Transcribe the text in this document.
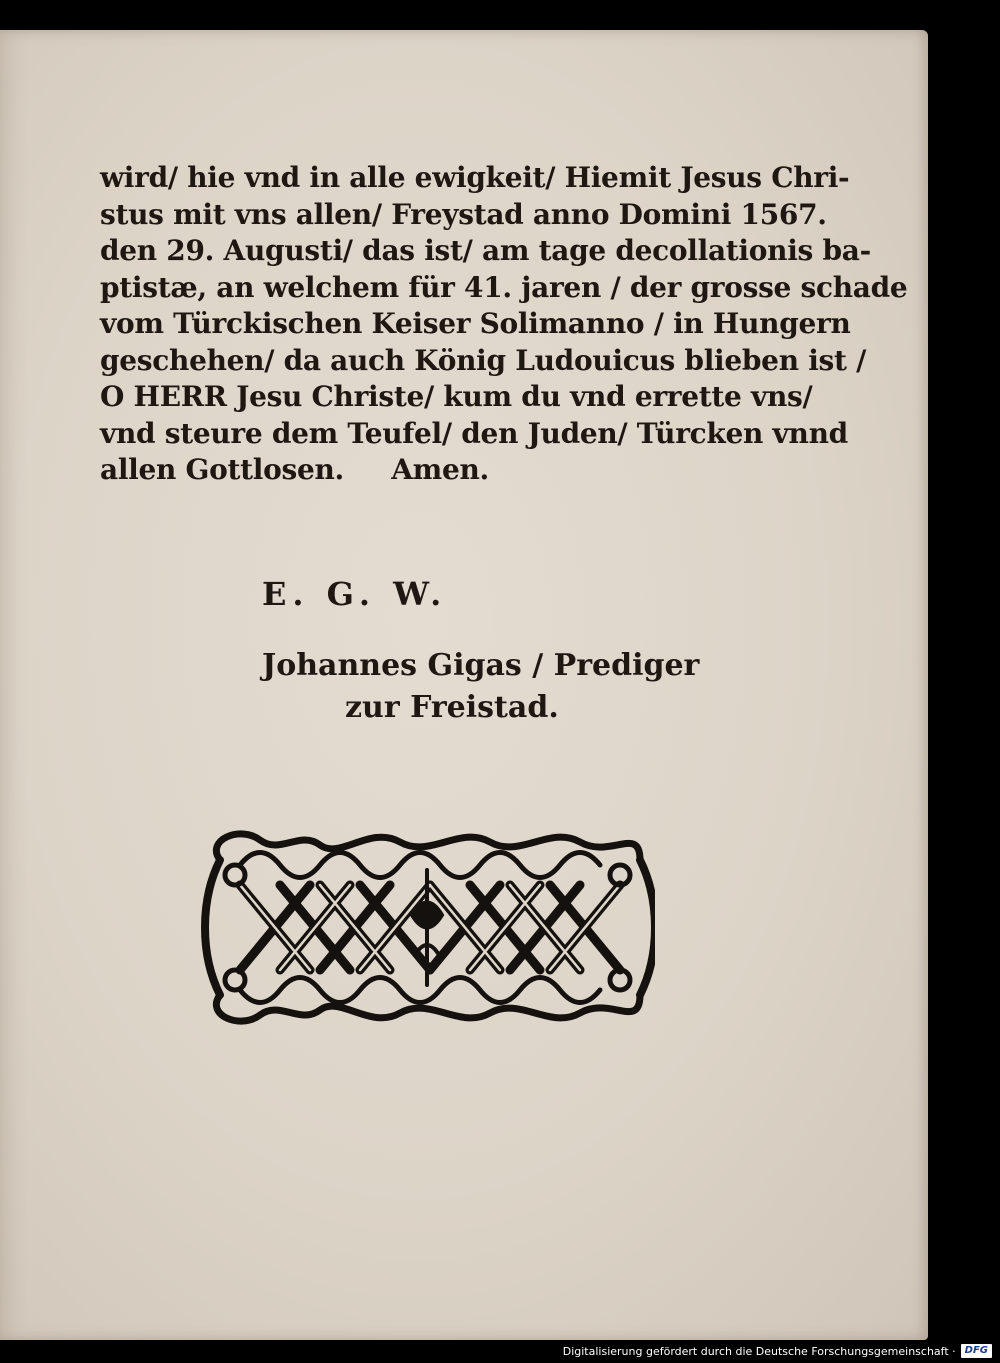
wird/ hie vnd in alle ewigkeit/ Hiemit Jesus Chri-
stus mit vns allen/ Freystad anno Domini 1567.
den 29. Augusti/ das ist/ am tage decollationis ba-
ptistæ, an welchem für 41. jaren / der grosse schade
vom Türckischen Keiser Solimanno / in Hungern
geschehen/ da auch König Ludouicus blieben ist /
O HERR Jesu Christe/ kum du vnd errette vns/
vnd steure dem Teufel/ den Juden/ Türcken vnnd
allen Gottlosen.     Amen.
E. G. W.
Johannes Gigas / Prediger
zur Freistad.
Digitalisierung gefördert durch die Deutsche Forschungsgemeinschaft · DFG
